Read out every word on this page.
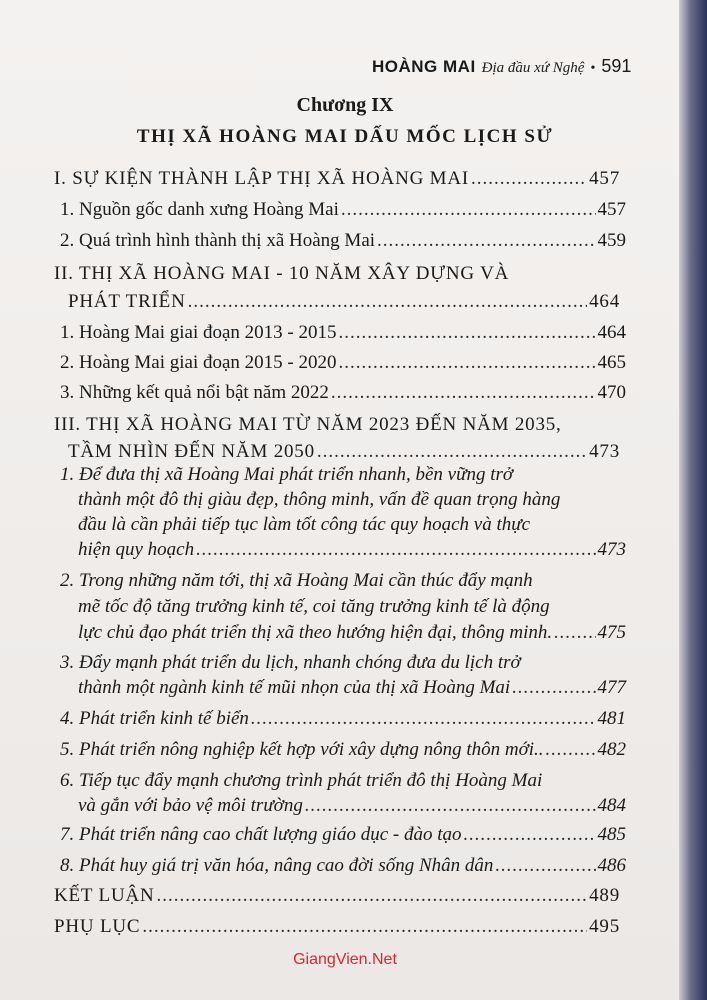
HOÀNG MAI Địa đầu xứ Nghệ • 591
Chương IX
THỊ XÃ HOÀNG MAI DẤU MỐC LỊCH SỬ
I. SỰ KIỆN THÀNH LẬP THỊ XÃ HOÀNG MAI .....	457
1. Nguồn gốc danh xưng Hoàng Mai .....	457
2. Quá trình hình thành thị xã Hoàng Mai .....	459
II. THỊ XÃ HOÀNG MAI - 10 NĂM XÂY DỰNG VÀ
PHÁT TRIỂN .....	464
1. Hoàng Mai giai đoạn 2013 - 2015 .....	464
2. Hoàng Mai giai đoạn 2015 - 2020 .....	465
3. Những kết quả nổi bật năm 2022 .....	470
III. THỊ XÃ HOÀNG MAI TỪ NĂM 2023 ĐẾN NĂM 2035,
TẦM NHÌN ĐẾN NĂM 2050 .....	473
1. Để đưa thị xã Hoàng Mai phát triển nhanh, bền vững trở
thành một đô thị giàu đẹp, thông minh, vấn đề quan trọng hàng
đầu là cần phải tiếp tục làm tốt công tác quy hoạch và thực
hiện quy hoạch .....	473
2. Trong những năm tới, thị xã Hoàng Mai cần thúc đẩy mạnh
mẽ tốc độ tăng trưởng kinh tế, coi tăng trưởng kinh tế là động
lực chủ đạo phát triển thị xã theo hướng hiện đại, thông minh. ..... 475
3. Đẩy mạnh phát triển du lịch, nhanh chóng đưa du lịch trở
thành một ngành kinh tế mũi nhọn của thị xã Hoàng Mai .....	477
4. Phát triển kinh tế biển .....	481
5. Phát triển nông nghiệp kết hợp với xây dựng nông thôn mới.. .....	482
6. Tiếp tục đẩy mạnh chương trình phát triển đô thị Hoàng Mai
và gắn với bảo vệ môi trường .....	484
7. Phát triển nâng cao chất lượng giáo dục - đào tạo .....	485
8. Phát huy giá trị văn hóa, nâng cao đời sống Nhân dân .....	486
KẾT LUẬN .....	489
PHỤ LỤC .....	495
GiangVien.Net
